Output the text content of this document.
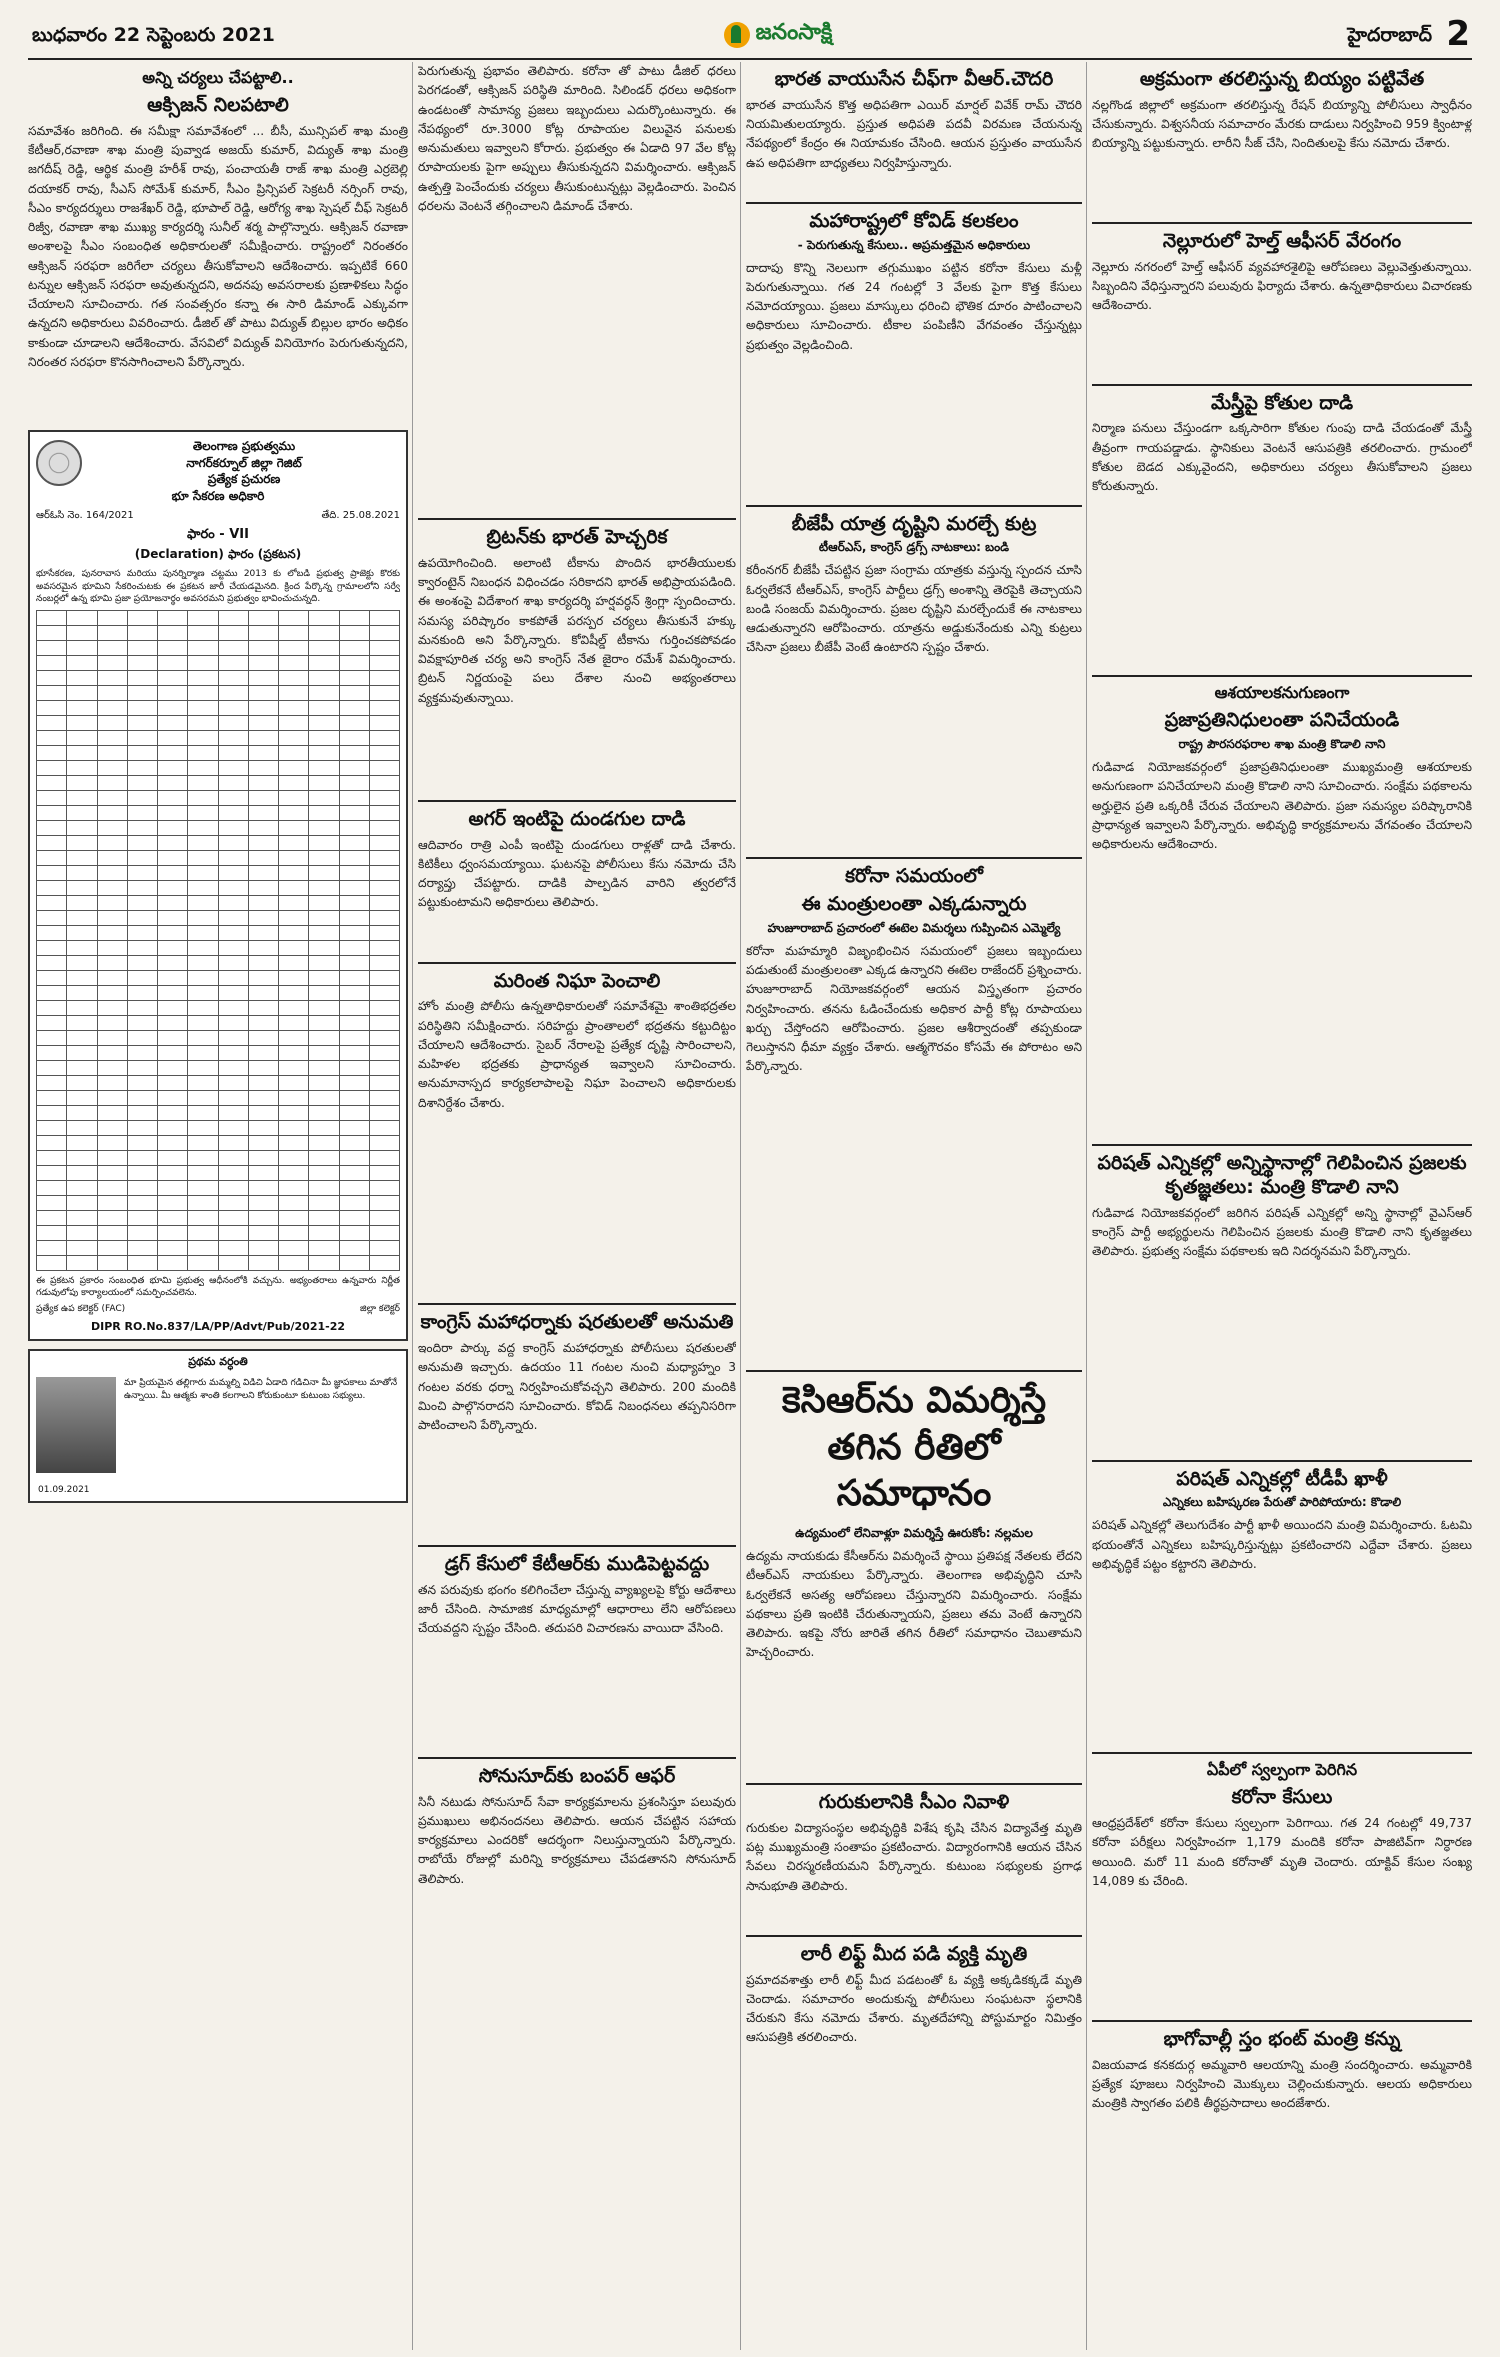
బుధవారం 22 సెప్టెంబరు 2021	జనంసాక్షి	హైదరాబాద్ 2
అన్ని చర్యలు చేపట్టాలి..
ఆక్సిజన్ నిలపటాలి
సమావేశం జరిగింది. ఈ సమీక్షా సమావేశంలో ... బీసీ, మున్సిపల్ శాఖ మంత్రి కేటీఆర్,రవాణా శాఖ మంత్రి పువ్వాడ అజయ్ కుమార్, విద్యుత్ శాఖ మంత్రి జగదీష్ రెడ్డి, ఆర్థిక మంత్రి హరీశ్ రావు, పంచాయతీ రాజ్ శాఖ మంత్రి ఎర్రబెల్లి దయాకర్ రావు, సీఎస్ సోమేశ్ కుమార్, సీఎం ప్రిన్సిపల్ సెక్రటరీ నర్సింగ్ రావు, సీఎం కార్యదర్శులు రాజశేఖర్ రెడ్డి, భూపాల్ రెడ్డి, ఆరోగ్య శాఖ స్పెషల్ చీఫ్ సెక్రటరీ రిజ్వీ, రవాణా శాఖ ముఖ్య కార్యదర్శి సునీల్ శర్మ పాల్గొన్నారు. ఆక్సిజన్ రవాణా అంశాలపై సీఎం సంబంధిత అధికారులతో సమీక్షించారు. రాష్ట్రంలో నిరంతరం ఆక్సిజన్ సరఫరా జరిగేలా చర్యలు తీసుకోవాలని ఆదేశించారు. ఇప్పటికే 660 టన్నుల ఆక్సిజన్ సరఫరా అవుతున్నదని, అదనపు అవసరాలకు ప్రణాళికలు సిద్ధం చేయాలని సూచించారు. గత సంవత్సరం కన్నా ఈ సారి డిమాండ్ ఎక్కువగా ఉన్నదని అధికారులు వివరించారు. డీజిల్ తో పాటు విద్యుత్ బిల్లుల భారం అధికం కాకుండా చూడాలని ఆదేశించారు. వేసవిలో విద్యుత్ వినియోగం పెరుగుతున్నదని, నిరంతర సరఫరా కొనసాగించాలని పేర్కొన్నారు.
తెలంగాణ ప్రభుత్వము
నాగర్‌కర్నూల్ జిల్లా గెజిట్
ప్రత్యేక ప్రచురణ
భూ సేకరణ అధికారి
ఆర్ఓసి నెం. 164/2021	తేది. 25.08.2021
ఫారం - VII
(Declaration) ఫారం (ప్రకటన)
భూసేకరణ, పునరావాస మరియు పునర్నిర్మాణ చట్టము 2013 కు లోబడి ప్రభుత్వ ప్రాజెక్టు కొరకు అవసరమైన భూమిని సేకరించుటకు ఈ ప్రకటన జారీ చేయడమైనది. క్రింద పేర్కొన్న గ్రామాలలోని సర్వే నంబర్లలో ఉన్న భూమి ప్రజా ప్రయోజనార్థం అవసరమని ప్రభుత్వం భావించుచున్నది.

ఈ ప్రకటన ప్రకారం సంబంధిత భూమి ప్రభుత్వ ఆధీనంలోకి వచ్చును. అభ్యంతరాలు ఉన్నవారు నిర్ణీత గడువులోపు కార్యాలయంలో సమర్పించవలెను.
ప్రత్యేక ఉప కలెక్టర్ (FAC)	జిల్లా కలెక్టర్
DIPR RO.No.837/LA/PP/Advt/Pub/2021-22
ప్రథమ వర్ధంతి
మా ప్రియమైన తల్లిగారు మమ్మల్ని విడిచి ఏడాది గడిచినా మీ జ్ఞాపకాలు మాతోనే ఉన్నాయి. మీ ఆత్మకు శాంతి కలగాలని కోరుకుంటూ కుటుంబ సభ్యులు.
01.09.2021
పెరుగుతున్న ప్రభావం తెలిపారు. కరోనా తో పాటు డీజిల్ ధరలు పెరగడంతో, ఆక్సిజన్ పరిస్థితి మారింది. సిలిండర్ ధరలు అధికంగా ఉండటంతో సామాన్య ప్రజలు ఇబ్బందులు ఎదుర్కొంటున్నారు. ఈ నేపథ్యంలో రూ.3000 కోట్ల రూపాయల విలువైన పనులకు అనుమతులు ఇవ్వాలని కోరారు. ప్రభుత్వం ఈ ఏడాది 97 వేల కోట్ల రూపాయలకు పైగా అప్పులు తీసుకున్నదని విమర్శించారు. ఆక్సిజన్ ఉత్పత్తి పెంచేందుకు చర్యలు తీసుకుంటున్నట్లు వెల్లడించారు. పెంచిన ధరలను వెంటనే తగ్గించాలని డిమాండ్ చేశారు.
బ్రిటన్‌కు భారత్ హెచ్చరిక
ఉపయోగించింది. అలాంటి టీకాను పొందిన భారతీయులకు క్వారంటైన్ నిబంధన విధించడం సరికాదని భారత్ అభిప్రాయపడింది. ఈ అంశంపై విదేశాంగ శాఖ కార్యదర్శి హర్షవర్ధన్ శ్రింగ్లా స్పందించారు. సమస్య పరిష్కారం కాకపోతే పరస్పర చర్యలు తీసుకునే హక్కు మనకుంది అని పేర్కొన్నారు. కోవిషీల్డ్ టీకాను గుర్తించకపోవడం వివక్షాపూరిత చర్య అని కాంగ్రెస్ నేత జైరాం రమేశ్ విమర్శించారు. బ్రిటన్ నిర్ణయంపై పలు దేశాల నుంచి అభ్యంతరాలు వ్యక్తమవుతున్నాయి.
అగర్ ఇంటిపై దుండగుల దాడి
ఆదివారం రాత్రి ఎంపీ ఇంటిపై దుండగులు రాళ్లతో దాడి చేశారు. కిటికీలు ధ్వంసమయ్యాయి. ఘటనపై పోలీసులు కేసు నమోదు చేసి దర్యాప్తు చేపట్టారు. దాడికి పాల్పడిన వారిని త్వరలోనే పట్టుకుంటామని అధికారులు తెలిపారు.
మరింత నిఘా పెంచాలి
హోం మంత్రి పోలీసు ఉన్నతాధికారులతో సమావేశమై శాంతిభద్రతల పరిస్థితిని సమీక్షించారు. సరిహద్దు ప్రాంతాలలో భద్రతను కట్టుదిట్టం చేయాలని ఆదేశించారు. సైబర్ నేరాలపై ప్రత్యేక దృష్టి సారించాలని, మహిళల భద్రతకు ప్రాధాన్యత ఇవ్వాలని సూచించారు. అనుమానాస్పద కార్యకలాపాలపై నిఘా పెంచాలని అధికారులకు దిశానిర్దేశం చేశారు.
కాంగ్రెస్ మహాధర్నాకు షరతులతో అనుమతి
ఇందిరా పార్కు వద్ద కాంగ్రెస్ మహాధర్నాకు పోలీసులు షరతులతో అనుమతి ఇచ్చారు. ఉదయం 11 గంటల నుంచి మధ్యాహ్నం 3 గంటల వరకు ధర్నా నిర్వహించుకోవచ్చని తెలిపారు. 200 మందికి మించి పాల్గొనరాదని సూచించారు. కోవిడ్ నిబంధనలు తప్పనిసరిగా పాటించాలని పేర్కొన్నారు.
డ్రగ్ కేసులో కేటీఆర్‌కు ముడిపెట్టవద్దు
తన పరువుకు భంగం కలిగించేలా చేస్తున్న వ్యాఖ్యలపై కోర్టు ఆదేశాలు జారీ చేసింది. సామాజిక మాధ్యమాల్లో ఆధారాలు లేని ఆరోపణలు చేయవద్దని స్పష్టం చేసింది. తదుపరి విచారణను వాయిదా వేసింది.
సోనుసూద్‌కు బంపర్ ఆఫర్
సినీ నటుడు సోనుసూద్ సేవా కార్యక్రమాలను ప్రశంసిస్తూ పలువురు ప్రముఖులు అభినందనలు తెలిపారు. ఆయన చేపట్టిన సహాయ కార్యక్రమాలు ఎందరికో ఆదర్శంగా నిలుస్తున్నాయని పేర్కొన్నారు. రాబోయే రోజుల్లో మరిన్ని కార్యక్రమాలు చేపడతానని సోనుసూద్ తెలిపారు.
భారత వాయుసేన చీఫ్‌గా వీఆర్.చౌదరి
భారత వాయుసేన కొత్త అధిపతిగా ఎయిర్ మార్షల్ వివేక్ రామ్ చౌదరి నియమితులయ్యారు. ప్రస్తుత అధిపతి పదవీ విరమణ చేయనున్న నేపథ్యంలో కేంద్రం ఈ నియామకం చేసింది. ఆయన ప్రస్తుతం వాయుసేన ఉప అధిపతిగా బాధ్యతలు నిర్వహిస్తున్నారు.
మహారాష్ట్రలో కోవిడ్ కలకలం
- పెరుగుతున్న కేసులు.. అప్రమత్తమైన అధికారులు
దాదాపు కొన్ని నెలలుగా తగ్గుముఖం పట్టిన కరోనా కేసులు మళ్లీ పెరుగుతున్నాయి. గత 24 గంటల్లో 3 వేలకు పైగా కొత్త కేసులు నమోదయ్యాయి. ప్రజలు మాస్కులు ధరించి భౌతిక దూరం పాటించాలని అధికారులు సూచించారు. టీకాల పంపిణీని వేగవంతం చేస్తున్నట్లు ప్రభుత్వం వెల్లడించింది.
బీజేపీ యాత్ర దృష్టిని మరల్చే కుట్ర
టీఆర్ఎస్, కాంగ్రెస్ డ్రగ్స్ నాటకాలు: బండి
కరీంనగర్ బీజేపీ చేపట్టిన ప్రజా సంగ్రామ యాత్రకు వస్తున్న స్పందన చూసి ఓర్వలేకనే టీఆర్ఎస్, కాంగ్రెస్ పార్టీలు డ్రగ్స్ అంశాన్ని తెరపైకి తెచ్చాయని బండి సంజయ్ విమర్శించారు. ప్రజల దృష్టిని మరల్చేందుకే ఈ నాటకాలు ఆడుతున్నారని ఆరోపించారు. యాత్రను అడ్డుకునేందుకు ఎన్ని కుట్రలు చేసినా ప్రజలు బీజేపీ వెంటే ఉంటారని స్పష్టం చేశారు.
కరోనా సమయంలో
ఈ మంత్రులంతా ఎక్కడున్నారు
హుజూరాబాద్ ప్రచారంలో ఈటెల విమర్శలు గుప్పించిన ఎమ్మెల్యే
కరోనా మహమ్మారి విజృంభించిన సమయంలో ప్రజలు ఇబ్బందులు పడుతుంటే మంత్రులంతా ఎక్కడ ఉన్నారని ఈటెల రాజేందర్ ప్రశ్నించారు. హుజూరాబాద్ నియోజకవర్గంలో ఆయన విస్తృతంగా ప్రచారం నిర్వహించారు. తనను ఓడించేందుకు అధికార పార్టీ కోట్ల రూపాయలు ఖర్చు చేస్తోందని ఆరోపించారు. ప్రజల ఆశీర్వాదంతో తప్పకుండా గెలుస్తానని ధీమా వ్యక్తం చేశారు. ఆత్మగౌరవం కోసమే ఈ పోరాటం అని పేర్కొన్నారు.
కెసిఆర్‌ను విమర్శిస్తే తగిన రీతిలో సమాధానం
ఉద్యమంలో లేనివాళ్లూ విమర్శిస్తే ఊరుకోం: నల్లమల
ఉద్యమ నాయకుడు కేసీఆర్‌ను విమర్శించే స్థాయి ప్రతిపక్ష నేతలకు లేదని టీఆర్ఎస్ నాయకులు పేర్కొన్నారు. తెలంగాణ అభివృద్ధిని చూసి ఓర్వలేకనే అసత్య ఆరోపణలు చేస్తున్నారని విమర్శించారు. సంక్షేమ పథకాలు ప్రతి ఇంటికి చేరుతున్నాయని, ప్రజలు తమ వెంటే ఉన్నారని తెలిపారు. ఇకపై నోరు జారితే తగిన రీతిలో సమాధానం చెబుతామని హెచ్చరించారు.
గురుకులానికి సీఎం నివాళి
గురుకుల విద్యాసంస్థల అభివృద్ధికి విశేష కృషి చేసిన విద్యావేత్త మృతి పట్ల ముఖ్యమంత్రి సంతాపం ప్రకటించారు. విద్యారంగానికి ఆయన చేసిన సేవలు చిరస్మరణీయమని పేర్కొన్నారు. కుటుంబ సభ్యులకు ప్రగాఢ సానుభూతి తెలిపారు.
లారీ లిఫ్ట్ మీద పడి వ్యక్తి మృతి
ప్రమాదవశాత్తు లారీ లిఫ్ట్ మీద పడటంతో ఓ వ్యక్తి అక్కడికక్కడే మృతి చెందాడు. సమాచారం అందుకున్న పోలీసులు సంఘటనా స్థలానికి చేరుకుని కేసు నమోదు చేశారు. మృతదేహాన్ని పోస్టుమార్టం నిమిత్తం ఆసుపత్రికి తరలించారు.
అక్రమంగా తరలిస్తున్న బియ్యం పట్టివేత
నల్లగొండ జిల్లాలో అక్రమంగా తరలిస్తున్న రేషన్ బియ్యాన్ని పోలీసులు స్వాధీనం చేసుకున్నారు. విశ్వసనీయ సమాచారం మేరకు దాడులు నిర్వహించి 959 క్వింటాళ్ల బియ్యాన్ని పట్టుకున్నారు. లారీని సీజ్ చేసి, నిందితులపై కేసు నమోదు చేశారు.
నెల్లూరులో హెల్త్ ఆఫీసర్ వేరంగం
నెల్లూరు నగరంలో హెల్త్ ఆఫీసర్ వ్యవహారశైలిపై ఆరోపణలు వెల్లువెత్తుతున్నాయి. సిబ్బందిని వేధిస్తున్నారని పలువురు ఫిర్యాదు చేశారు. ఉన్నతాధికారులు విచారణకు ఆదేశించారు.
మేస్త్రీపై కోతుల దాడి
నిర్మాణ పనులు చేస్తుండగా ఒక్కసారిగా కోతుల గుంపు దాడి చేయడంతో మేస్త్రీ తీవ్రంగా గాయపడ్డాడు. స్థానికులు వెంటనే ఆసుపత్రికి తరలించారు. గ్రామంలో కోతుల బెడద ఎక్కువైందని, అధికారులు చర్యలు తీసుకోవాలని ప్రజలు కోరుతున్నారు.
ఆశయాలకనుగుణంగా
ప్రజాప్రతినిధులంతా పనిచేయండి
రాష్ట్ర పౌరసరఫరాల శాఖ మంత్రి కొడాలి నాని
గుడివాడ నియోజకవర్గంలో ప్రజాప్రతినిధులంతా ముఖ్యమంత్రి ఆశయాలకు అనుగుణంగా పనిచేయాలని మంత్రి కొడాలి నాని సూచించారు. సంక్షేమ పథకాలను అర్హులైన ప్రతి ఒక్కరికీ చేరువ చేయాలని తెలిపారు. ప్రజా సమస్యల పరిష్కారానికి ప్రాధాన్యత ఇవ్వాలని పేర్కొన్నారు. అభివృద్ధి కార్యక్రమాలను వేగవంతం చేయాలని అధికారులను ఆదేశించారు.
పరిషత్ ఎన్నికల్లో అన్నిస్థానాల్లో గెలిపించిన ప్రజలకు కృతజ్ఞతలు: మంత్రి కొడాలి నాని
గుడివాడ నియోజకవర్గంలో జరిగిన పరిషత్ ఎన్నికల్లో అన్ని స్థానాల్లో వైఎస్ఆర్ కాంగ్రెస్ పార్టీ అభ్యర్థులను గెలిపించిన ప్రజలకు మంత్రి కొడాలి నాని కృతజ్ఞతలు తెలిపారు. ప్రభుత్వ సంక్షేమ పథకాలకు ఇది నిదర్శనమని పేర్కొన్నారు.
పరిషత్ ఎన్నికల్లో టీడీపీ ఖాళీ
ఎన్నికలు బహిష్కరణ పేరుతో పారిపోయారు: కొడాలి
పరిషత్ ఎన్నికల్లో తెలుగుదేశం పార్టీ ఖాళీ అయిందని మంత్రి విమర్శించారు. ఓటమి భయంతోనే ఎన్నికలు బహిష్కరిస్తున్నట్లు ప్రకటించారని ఎద్దేవా చేశారు. ప్రజలు అభివృద్ధికే పట్టం కట్టారని తెలిపారు.
ఏపీలో స్వల్పంగా పెరిగిన
కరోనా కేసులు
ఆంధ్రప్రదేశ్‌లో కరోనా కేసులు స్వల్పంగా పెరిగాయి. గత 24 గంటల్లో 49,737 కరోనా పరీక్షలు నిర్వహించగా 1,179 మందికి కరోనా పాజిటివ్‌గా నిర్ధారణ అయింది. మరో 11 మంది కరోనాతో మృతి చెందారు. యాక్టివ్ కేసుల సంఖ్య 14,089 కు చేరింది.
భాగోవాల్లీ స్తం భంట్ మంత్రి కన్ను
విజయవాడ కనకదుర్గ అమ్మవారి ఆలయాన్ని మంత్రి సందర్శించారు. అమ్మవారికి ప్రత్యేక పూజలు నిర్వహించి మొక్కులు చెల్లించుకున్నారు. ఆలయ అధికారులు మంత్రికి స్వాగతం పలికి తీర్థప్రసాదాలు అందజేశారు.
